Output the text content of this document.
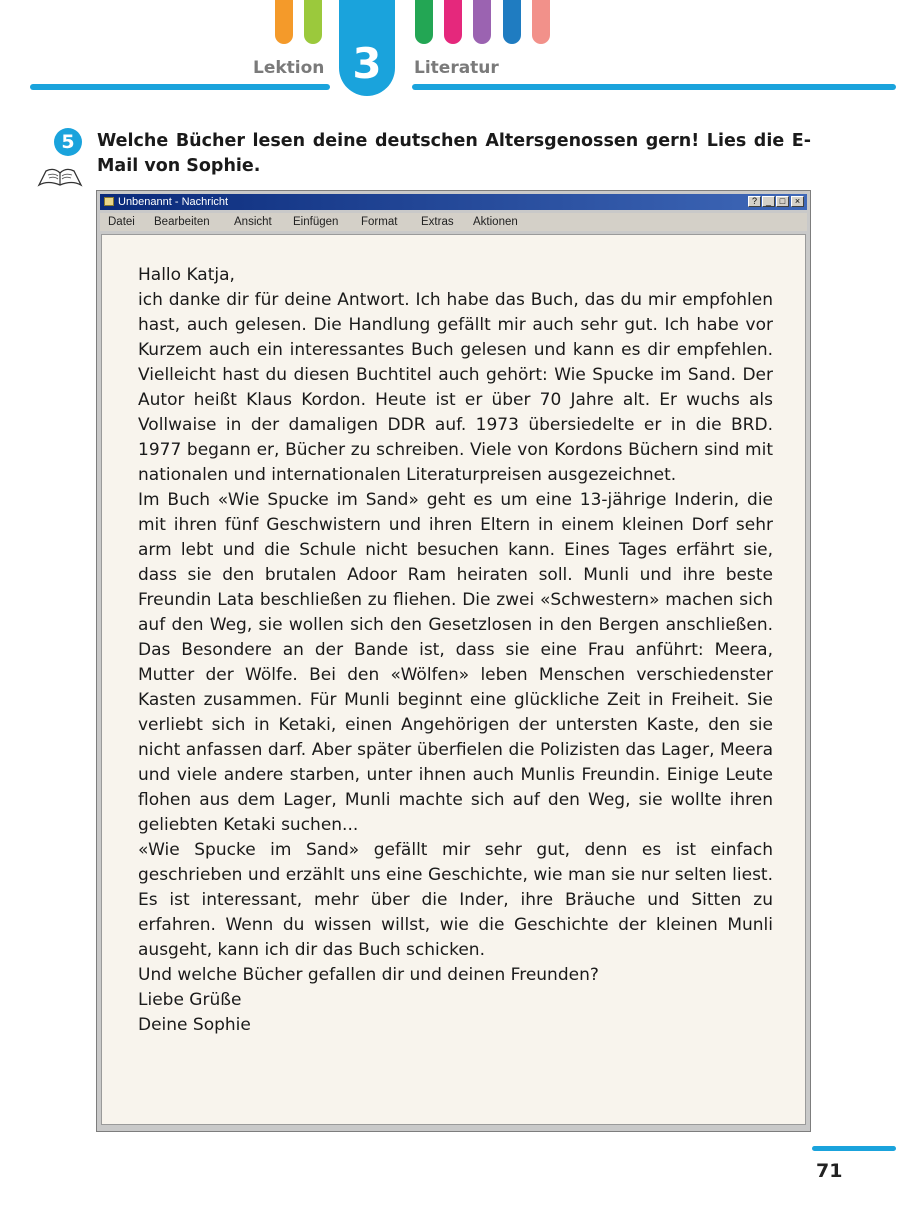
Lektion 3	Literatur
5	Welche Bücher lesen deine deutschen Altersgenossen gern! Lies die E-Mail von Sophie.
Unbenannt - Nachricht	? _ □	×
Datei Bearbeiten Ansicht Einfügen Format Extras Aktionen

Hallo Katja,

ich danke dir für deine Antwort. Ich habe das Buch, das du mir empfohlen hast, auch gelesen. Die Handlung gefällt mir auch sehr gut. Ich habe vor Kurzem auch ein interessantes Buch gelesen und kann es dir empfehlen. Vielleicht hast du diesen Buchtitel auch gehört: Wie Spucke im Sand. Der Autor heißt Klaus Kordon. Heute ist er über 70 Jahre alt. Er wuchs als Vollwaise in der damaligen DDR auf. 1973 übersiedelte er in die BRD. 1977 begann er, Bücher zu schreiben. Viele von Kordons Büchern sind mit nationalen und internationalen Literaturpreisen ausgezeichnet.

Im Buch «Wie Spucke im Sand» geht es um eine 13-jährige Inderin, die mit ihren fünf Geschwistern und ihren Eltern in einem kleinen Dorf sehr arm lebt und die Schule nicht besuchen kann. Eines Tages erfährt sie, dass sie den brutalen Adoor Ram heiraten soll. Munli und ihre beste Freundin Lata beschließen zu fliehen. Die zwei «Schwestern» machen sich auf den Weg, sie wollen sich den Gesetzlosen in den Bergen anschließen. Das Besondere an der Bande ist, dass sie eine Frau anführt: Meera, Mutter der Wölfe. Bei den «Wölfen» leben Menschen verschiedenster Kasten zusammen. Für Munli beginnt eine glückliche Zeit in Freiheit. Sie verliebt sich in Ketaki, einen Angehörigen der untersten Kaste, den sie nicht anfassen darf. Aber später überfielen die Polizisten das Lager, Meera und viele andere starben, unter ihnen auch Munlis Freundin. Einige Leute flohen aus dem Lager, Munli machte sich auf den Weg, sie wollte ihren geliebten Ketaki suchen...

«Wie Spucke im Sand» gefällt mir sehr gut, denn es ist einfach geschrieben und erzählt uns eine Geschichte, wie man sie nur selten liest. Es ist interessant, mehr über die Inder, ihre Bräuche und Sitten zu erfahren. Wenn du wissen willst, wie die Geschichte der kleinen Munli ausgeht, kann ich dir das Buch schicken.

Und welche Bücher gefallen dir und deinen Freunden?

Liebe Grüße

Deine Sophie

71
